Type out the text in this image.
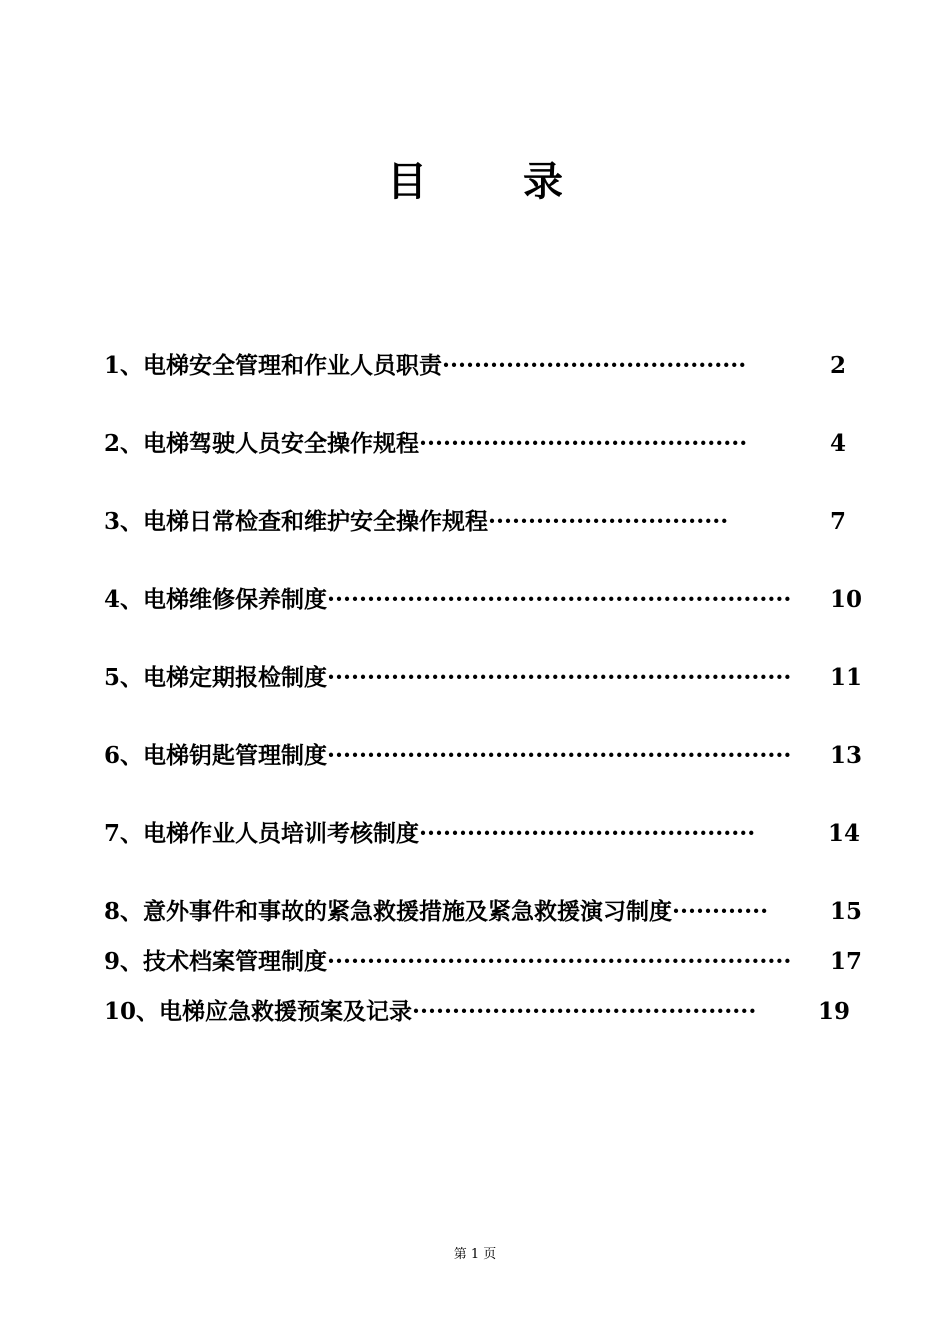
目　录
1、电梯安全管理和作业人员职责······································	2
2、电梯驾驶人员安全操作规程·········································	4
3、电梯日常检查和维护安全操作规程······························	7
4、电梯维修保养制度·························································· 10
5、电梯定期报检制度·························································· 11
6、电梯钥匙管理制度·························································· 13
7、电梯作业人员培训考核制度··········································	14
8、意外事件和事故的紧急救援措施及紧急救援演习制度············	15
9、技术档案管理制度·························································· 17
10、电梯应急救援预案及记录···········································	19
第 1 页
